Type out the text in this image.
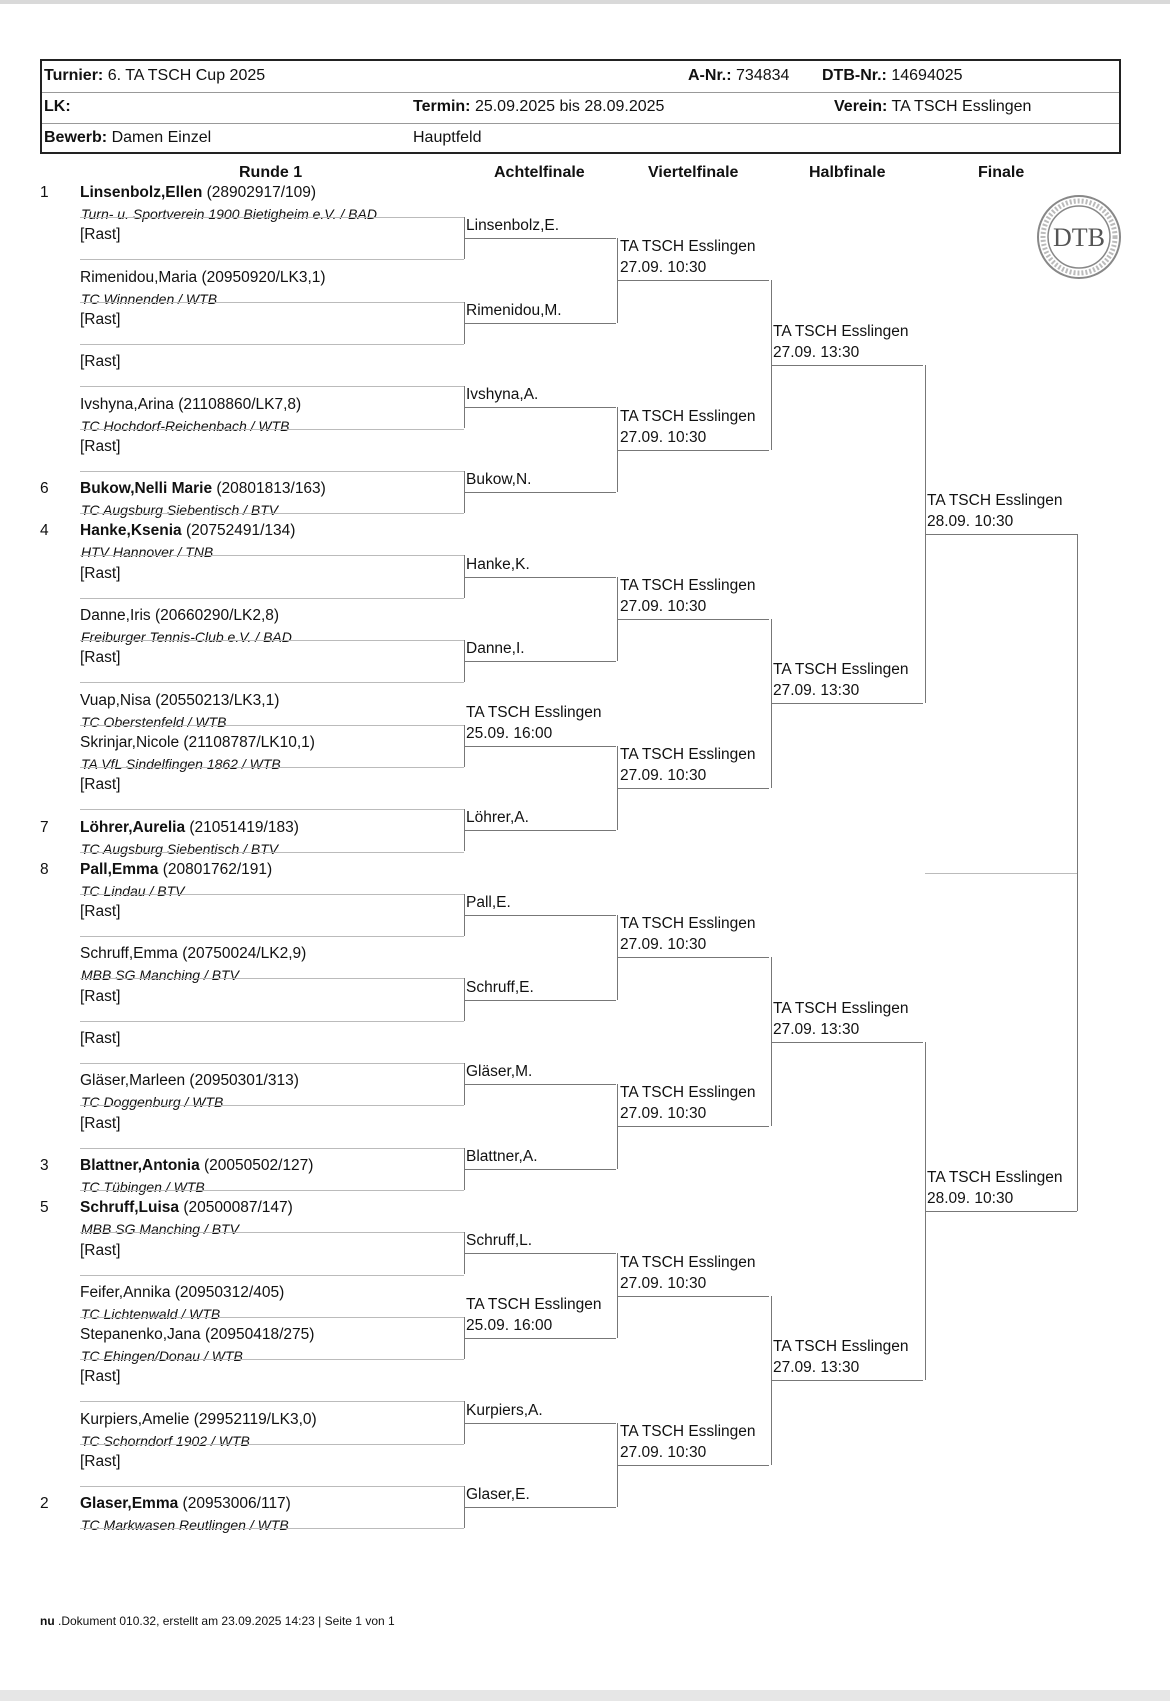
Turnier: 6. TA TSCH Cup 2025	A-Nr.: 734834 DTB-Nr.: 14694025
LK:	Termin: 25.09.2025 bis 28.09.2025	Verein: TA TSCH Esslingen
Bewerb: Damen Einzel	Hauptfeld
Runde 1	Achtelfinale	Viertelfinale	Halbfinale	Finale
DTB
1 Linsenbolz,Ellen (28902917/109)
Turn- u. Sportverein 1900 Bietigheim e.V. / BAD
[Rast]
Rimenidou,Maria (20950920/LK3,1)
TC Winnenden / WTB
[Rast]
[Rast]
Ivshyna,Arina (21108860/LK7,8)
TC Hochdorf-Reichenbach / WTB
[Rast]
6 Bukow,Nelli Marie (20801813/163)
TC Augsburg Siebentisch / BTV
4 Hanke,Ksenia (20752491/134)
HTV Hannover / TNB
[Rast]
Danne,Iris (20660290/LK2,8)
Freiburger Tennis-Club e.V. / BAD
[Rast]
Vuap,Nisa (20550213/LK3,1)
TC Oberstenfeld / WTB
Skrinjar,Nicole (21108787/LK10,1)
TA VfL Sindelfingen 1862 / WTB
[Rast]
7 Löhrer,Aurelia (21051419/183)
TC Augsburg Siebentisch / BTV
8 Pall,Emma (20801762/191)
TC Lindau / BTV
[Rast]
Schruff,Emma (20750024/LK2,9)
MBB SG Manching / BTV
[Rast]
[Rast]
Gläser,Marleen (20950301/313)
TC Doggenburg / WTB
[Rast]
3 Blattner,Antonia (20050502/127)
TC Tübingen / WTB
5 Schruff,Luisa (20500087/147)
MBB SG Manching / BTV
[Rast]
Feifer,Annika (20950312/405)
TC Lichtenwald / WTB
Stepanenko,Jana (20950418/275)
TC Ehingen/Donau / WTB
[Rast]
Kurpiers,Amelie (29952119/LK3,0)
TC Schorndorf 1902 / WTB
[Rast]
2 Glaser,Emma (20953006/117)
TC Markwasen Reutlingen / WTB
Linsenbolz,E.
Rimenidou,M.
Ivshyna,A.
Bukow,N.
Hanke,K.
Danne,I.
TA TSCH Esslingen
25.09. 16:00
Löhrer,A.
Pall,E.
Schruff,E.
Gläser,M.
Blattner,A.
Schruff,L.
TA TSCH Esslingen
25.09. 16:00
Kurpiers,A.
Glaser,E.
TA TSCH Esslingen
27.09. 10:30
TA TSCH Esslingen
27.09. 10:30
TA TSCH Esslingen
27.09. 10:30
TA TSCH Esslingen
27.09. 10:30
TA TSCH Esslingen
27.09. 10:30
TA TSCH Esslingen
27.09. 10:30
TA TSCH Esslingen
27.09. 10:30
TA TSCH Esslingen
27.09. 10:30
TA TSCH Esslingen
27.09. 13:30
TA TSCH Esslingen
27.09. 13:30
TA TSCH Esslingen
27.09. 13:30
TA TSCH Esslingen
27.09. 13:30
TA TSCH Esslingen
28.09. 10:30
TA TSCH Esslingen
28.09. 10:30
nu .Dokument 010.32, erstellt am 23.09.2025 14:23 | Seite 1 von 1
